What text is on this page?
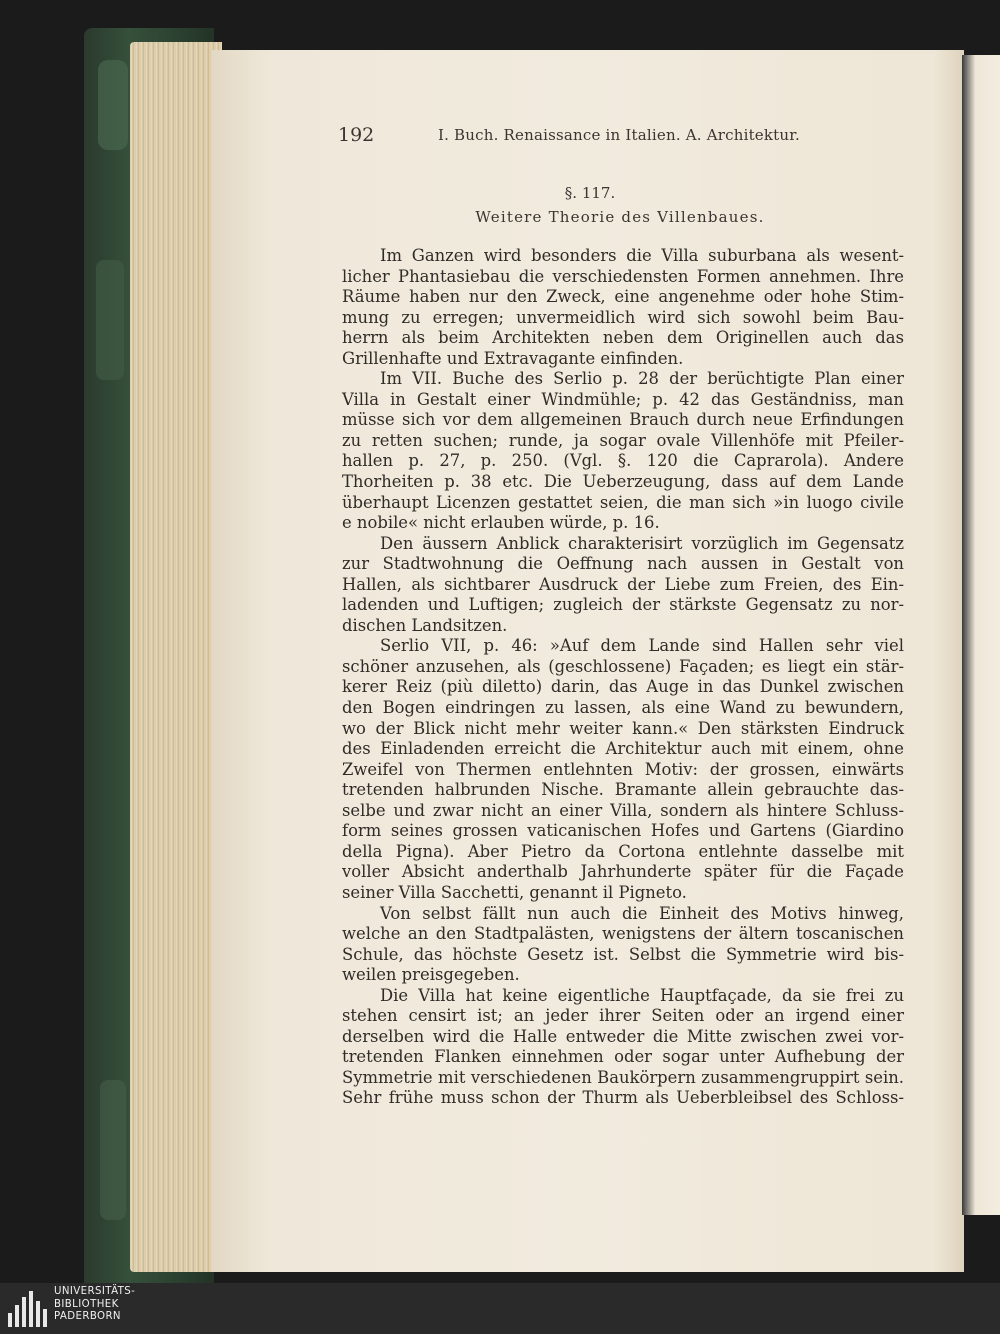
192	I. Buch. Renaissance in Italien. A. Architektur.
§. 117.
Weitere Theorie des Villenbaues.
Im Ganzen wird besonders die Villa suburbana als wesent-
licher Phantasiebau die verschiedensten Formen annehmen. Ihre
Räume haben nur den Zweck, eine angenehme oder hohe Stim-
mung zu erregen; unvermeidlich wird sich sowohl beim Bau-
herrn als beim Architekten neben dem Originellen auch das
Grillenhafte und Extravagante einfinden.
Im VII. Buche des Serlio p. 28 der berüchtigte Plan einer
Villa in Gestalt einer Windmühle; p. 42 das Geständniss, man
müsse sich vor dem allgemeinen Brauch durch neue Erfindungen
zu retten suchen; runde, ja sogar ovale Villenhöfe mit Pfeiler-
hallen p. 27, p. 250. (Vgl. §. 120 die Caprarola). Andere
Thorheiten p. 38 etc. Die Ueberzeugung, dass auf dem Lande
überhaupt Licenzen gestattet seien, die man sich »in luogo civile
e nobile« nicht erlauben würde, p. 16.
Den äussern Anblick charakterisirt vorzüglich im Gegensatz
zur Stadtwohnung die Oeffnung nach aussen in Gestalt von
Hallen, als sichtbarer Ausdruck der Liebe zum Freien, des Ein-
ladenden und Luftigen; zugleich der stärkste Gegensatz zu nor-
dischen Landsitzen.
Serlio VII, p. 46: »Auf dem Lande sind Hallen sehr viel
schöner anzusehen, als (geschlossene) Façaden; es liegt ein stär-
kerer Reiz (più diletto) darin, das Auge in das Dunkel zwischen
den Bogen eindringen zu lassen, als eine Wand zu bewundern,
wo der Blick nicht mehr weiter kann.« Den stärksten Eindruck
des Einladenden erreicht die Architektur auch mit einem, ohne
Zweifel von Thermen entlehnten Motiv: der grossen, einwärts
tretenden halbrunden Nische. Bramante allein gebrauchte das-
selbe und zwar nicht an einer Villa, sondern als hintere Schluss-
form seines grossen vaticanischen Hofes und Gartens (Giardino
della Pigna). Aber Pietro da Cortona entlehnte dasselbe mit
voller Absicht anderthalb Jahrhunderte später für die Façade
seiner Villa Sacchetti, genannt il Pigneto.
Von selbst fällt nun auch die Einheit des Motivs hinweg,
welche an den Stadtpalästen, wenigstens der ältern toscanischen
Schule, das höchste Gesetz ist. Selbst die Symmetrie wird bis-
weilen preisgegeben.
Die Villa hat keine eigentliche Hauptfaçade, da sie frei zu
stehen censirt ist; an jeder ihrer Seiten oder an irgend einer
derselben wird die Halle entweder die Mitte zwischen zwei vor-
tretenden Flanken einnehmen oder sogar unter Aufhebung der
Symmetrie mit verschiedenen Baukörpern zusammengruppirt sein.
Sehr frühe muss schon der Thurm als Ueberbleibsel des Schloss-
UNIVERSITÄTS-
BIBLIOTHEK
PADERBORN
